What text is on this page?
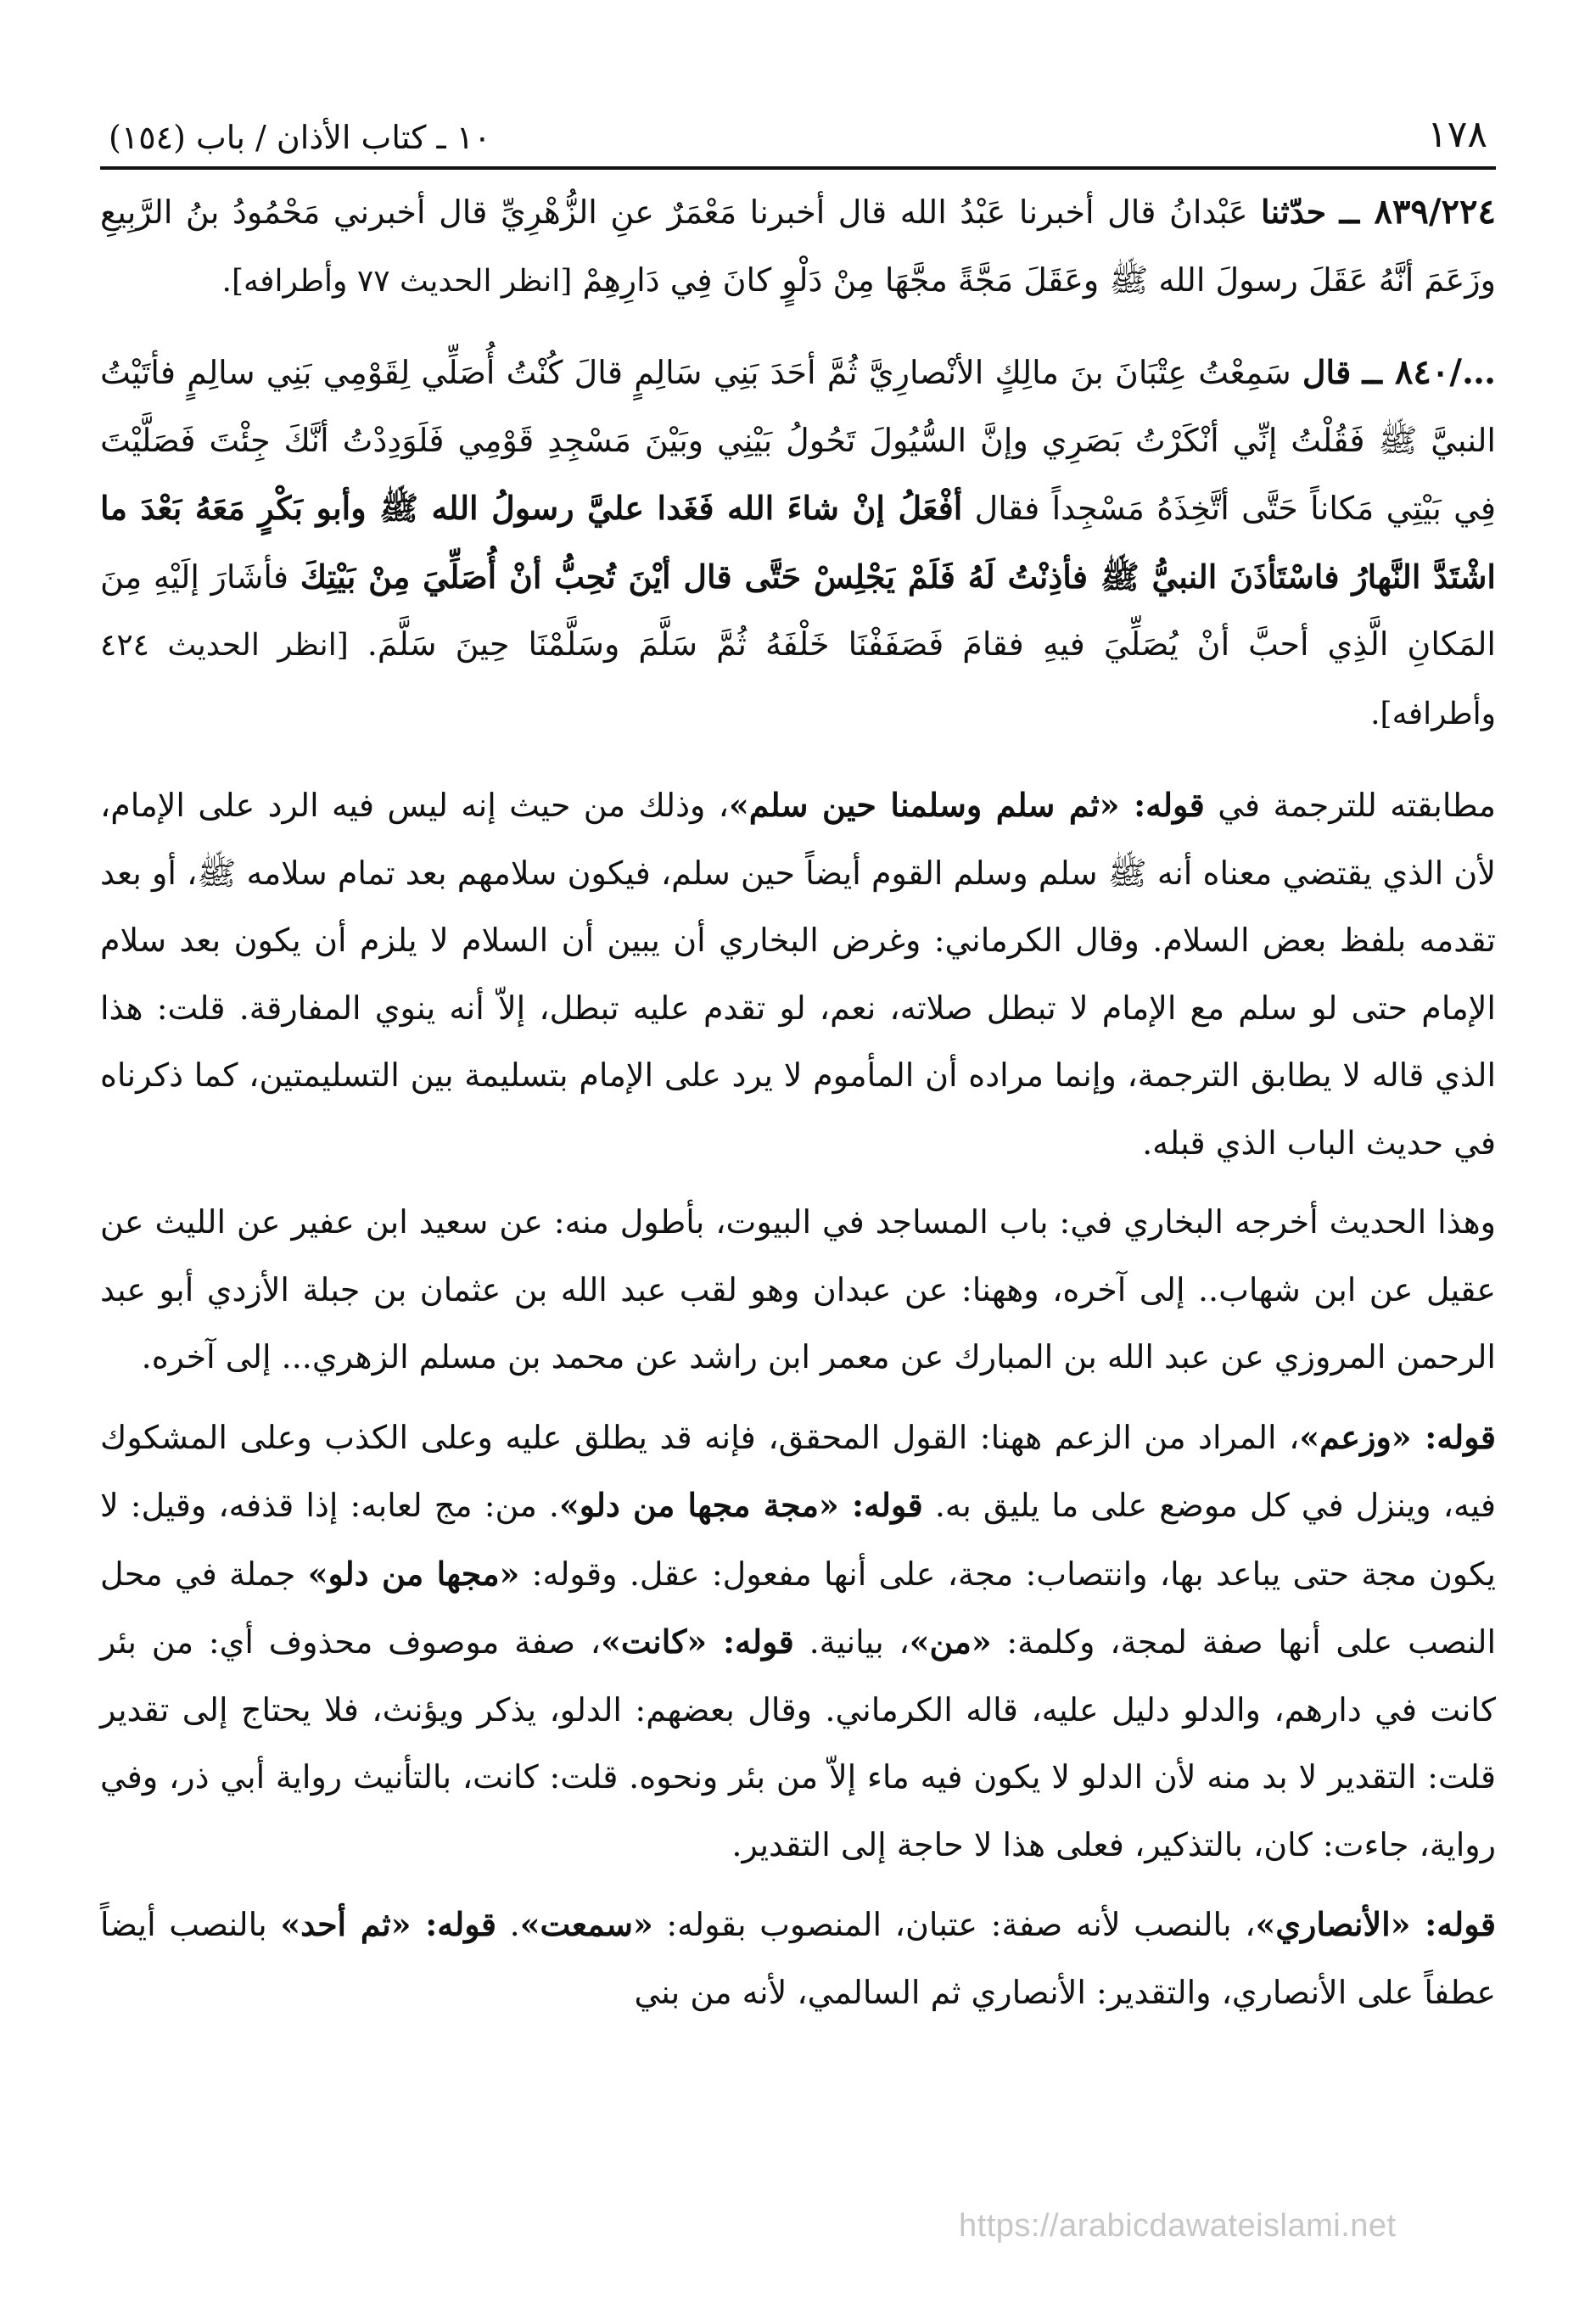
١٧٨
١٠ ـ كتاب الأذان / باب (١٥٤)

٨٣٩/٢٢٤ ــ حدّثنا عَبْدانُ قال أخبرنا عَبْدُ الله قال أخبرنا مَعْمَرٌ عنِ الزُّهْرِيِّ قال أخبرني مَحْمُودُ بنُ الرَّبِيعِ وزَعَمَ أنَّهُ عَقَلَ رسولَ الله ﷺ وعَقَلَ مَجَّةً مجَّهَا مِنْ دَلْوٍ كانَ فِي دَارِهِمْ [انظر الحديث ٧٧ وأطرافه].

…/٨٤٠ ــ قال سَمِعْتُ عِتْبَانَ بنَ مالِكٍ الأنْصارِيَّ ثُمَّ أحَدَ بَنِي سَالِمٍ قالَ كُنْتُ أُصَلِّي لِقَوْمِي بَنِي سالِمٍ فأتَيْتُ النبيَّ ﷺ فَقُلْتُ إنِّي أنْكَرْتُ بَصَرِي وإنَّ السُّيُولَ تَحُولُ بَيْنِي وبَيْنَ مَسْجِدِ قَوْمِي فَلَوَدِدْتُ أنَّكَ جِئْتَ فَصَلَّيْتَ فِي بَيْتِي مَكاناً حَتَّى أتَّخِذَهُ مَسْجِداً فقال أفْعَلُ إنْ شاءَ الله فَغَدا عليَّ رسولُ الله ﷺ وأبو بَكْرٍ مَعَهُ بَعْدَ ما اشْتَدَّ النَّهارُ فاسْتَأذَنَ النبيُّ ﷺ فأذِنْتُ لَهُ فَلَمْ يَجْلِسْ حَتَّى قال أيْنَ تُحِبُّ أنْ أُصَلِّيَ مِنْ بَيْتِكَ فأشَارَ إلَيْهِ مِنَ المَكانِ الَّذِي أحبَّ أنْ يُصَلِّيَ فيهِ فقامَ فَصَفَفْنَا خَلْفَهُ ثُمَّ سَلَّمَ وسَلَّمْنَا حِينَ سَلَّمَ. [انظر الحديث ٤٢٤ وأطرافه].

مطابقته للترجمة في قوله: «ثم سلم وسلمنا حين سلم»، وذلك من حيث إنه ليس فيه الرد على الإمام، لأن الذي يقتضي معناه أنه ﷺ سلم وسلم القوم أيضاً حين سلم، فيكون سلامهم بعد تمام سلامه ﷺ، أو بعد تقدمه بلفظ بعض السلام. وقال الكرماني: وغرض البخاري أن يبين أن السلام لا يلزم أن يكون بعد سلام الإمام حتى لو سلم مع الإمام لا تبطل صلاته، نعم، لو تقدم عليه تبطل، إلاّ أنه ينوي المفارقة. قلت: هذا الذي قاله لا يطابق الترجمة، وإنما مراده أن المأموم لا يرد على الإمام بتسليمة بين التسليمتين، كما ذكرناه في حديث الباب الذي قبله.

وهذا الحديث أخرجه البخاري في: باب المساجد في البيوت، بأطول منه: عن سعيد ابن عفير عن الليث عن عقيل عن ابن شهاب.. إلى آخره، وههنا: عن عبدان وهو لقب عبد الله بن عثمان بن جبلة الأزدي أبو عبد الرحمن المروزي عن عبد الله بن المبارك عن معمر ابن راشد عن محمد بن مسلم الزهري... إلى آخره.

قوله: «وزعم»، المراد من الزعم ههنا: القول المحقق، فإنه قد يطلق عليه وعلى الكذب وعلى المشكوك فيه، وينزل في كل موضع على ما يليق به. قوله: «مجة مجها من دلو». من: مج لعابه: إذا قذفه، وقيل: لا يكون مجة حتى يباعد بها، وانتصاب: مجة، على أنها مفعول: عقل. وقوله: «مجها من دلو» جملة في محل النصب على أنها صفة لمجة، وكلمة: «من»، بيانية. قوله: «كانت»، صفة موصوف محذوف أي: من بئر كانت في دارهم، والدلو دليل عليه، قاله الكرماني. وقال بعضهم: الدلو، يذكر ويؤنث، فلا يحتاج إلى تقدير قلت: التقدير لا بد منه لأن الدلو لا يكون فيه ماء إلاّ من بئر ونحوه. قلت: كانت، بالتأنيث رواية أبي ذر، وفي رواية، جاءت: كان، بالتذكير، فعلى هذا لا حاجة إلى التقدير.

قوله: «الأنصاري»، بالنصب لأنه صفة: عتبان، المنصوب بقوله: «سمعت». قوله: «ثم أحد» بالنصب أيضاً عطفاً على الأنصاري، والتقدير: الأنصاري ثم السالمي، لأنه من بني

https://arabicdawateislami.net
